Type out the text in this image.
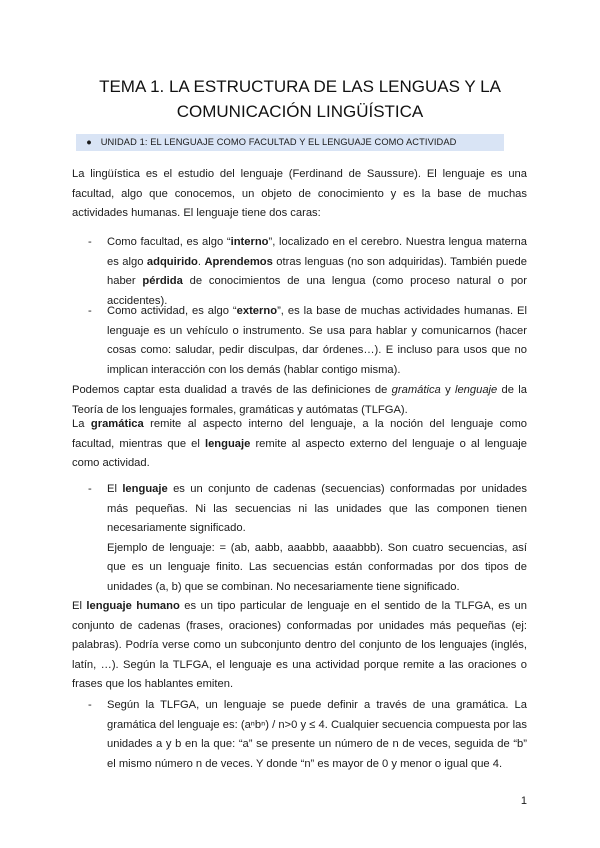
TEMA 1. LA ESTRUCTURA DE LAS LENGUAS Y LA
COMUNICACIÓN LINGÜÍSTICA
● UNIDAD 1: EL LENGUAJE COMO FACULTAD Y EL LENGUAJE COMO ACTIVIDAD

La lingüística es el estudio del lenguaje (Ferdinand de Saussure). El lenguaje es una facultad, algo que conocemos, un objeto de conocimiento y es la base de muchas actividades humanas. El lenguaje tiene dos caras:

- Como facultad, es algo “interno”, localizado en el cerebro. Nuestra lengua materna es algo adquirido. Aprendemos otras lenguas (no son adquiridas). También puede haber pérdida de conocimientos de una lengua (como proceso natural o por accidentes).
- Como actividad, es algo “externo”, es la base de muchas actividades humanas. El lenguaje es un vehículo o instrumento. Se usa para hablar y comunicarnos (hacer cosas como: saludar, pedir disculpas, dar órdenes…). E incluso para usos que no implican interacción con los demás (hablar contigo misma).

Podemos captar esta dualidad a través de las definiciones de gramática y lenguaje de la Teoría de los lenguajes formales, gramáticas y autómatas (TLFGA).

La gramática remite al aspecto interno del lenguaje, a la noción del lenguaje como facultad, mientras que el lenguaje remite al aspecto externo del lenguaje o al lenguaje como actividad.

- El lenguaje es un conjunto de cadenas (secuencias) conformadas por unidades más pequeñas. Ni las secuencias ni las unidades que las componen tienen necesariamente significado.
Ejemplo de lenguaje: = (ab, aabb, aaabbb, aaaabbb). Son cuatro secuencias, así que es un lenguaje finito. Las secuencias están conformadas por dos tipos de unidades (a, b) que se combinan. No necesariamente tiene significado.

El lenguaje humano es un tipo particular de lenguaje en el sentido de la TLFGA, es un conjunto de cadenas (frases, oraciones) conformadas por unidades más pequeñas (ej: palabras). Podría verse como un subconjunto dentro del conjunto de los lenguajes (inglés, latín, …). Según la TLFGA, el lenguaje es una actividad porque remite a las oraciones o frases que los hablantes emiten.

- Según la TLFGA, un lenguaje se puede definir a través de una gramática. La gramática del lenguaje es: (aⁿbⁿ) / n>0 y ≤ 4. Cualquier secuencia compuesta por las unidades a y b en la que: “a” se presente un número de n de veces, seguida de “b” el mismo número n de veces. Y donde “n” es mayor de 0 y menor o igual que 4.
1
